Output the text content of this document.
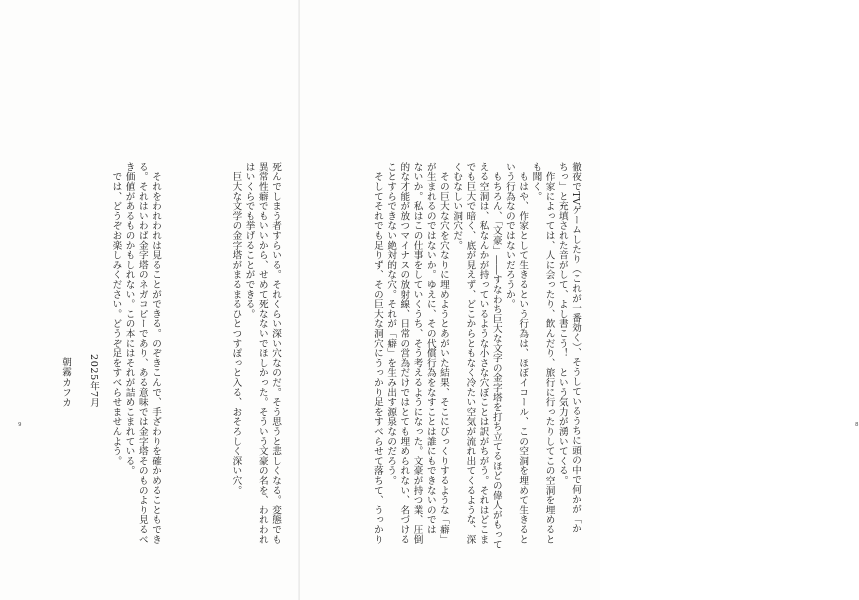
　それをわれわれは見ることができる。のぞきこんで、手ざわりを確かめることもでき

る。それはいわば金字塔のネガコピーであり、ある意味では金字塔そのものより見るべ

き価値があるものかもしれない。この本にはそれが詰めこまれている。

　では、どうぞお楽しみください。どうぞ足をすべらせませんよう。

2025年7月
朝霧カフカ
9	徹夜でTVゲームしたり（これが一番効く）、そうしているうちに頭の中で何かが「か

ちっ」と充填された音がして、よし書こう！　という気力が湧いてくる。

　作家によっては、人に会ったり、飲んだり、旅行に行ったりしてこの空洞を埋めると

も聞く。

　もはや、作家として生きるという行為は、ほぼイコール、この空洞を埋めて生きると

いう行為なのではないだろうか。

　もちろん、「文豪」――すなわち巨大な文字の金字塔を打ち立てるほどの偉人がもって

える空洞は、私なんかが持っているような小さな穴ぼことは訳がちがう。それはどこま

でも巨大で暗く、底が見えず、どこからともなく冷たい空気が流れ出てくるような、深

くむなしい洞穴だ。

　その巨大な穴を穴なりに埋めようとあがいた結果、そこにびっくりするような「癖」

が生まれるのではないか。ゆえに、その代償行為をなすことは誰にもできないのでは

ないか。私はこの仕事をしていくうち、そう考えるようになった。文豪が持つ業、圧倒

的な才能が放つマイナスの放射線、日常の営為だけではとても埋められない、名づける

ことすらできない絶対的な穴。それが「癖」を生み出す源泉なのだろう。

　そしてそれでも足りず、その巨大な洞穴にうっかり足をすべらせて落ちて、うっかり	8

死んでしまう者すらいる。それくらい深い穴なのだ。そう思うと悲しくなる。変態でも

異常性癖でもいいから、せめて死なないでほしかった。そういう文豪の名を、われわれ

はいくらでも挙げることができる。

　巨大な文学の金字塔がまるまるひとつすぽっと入る、おそろしく深い穴。
